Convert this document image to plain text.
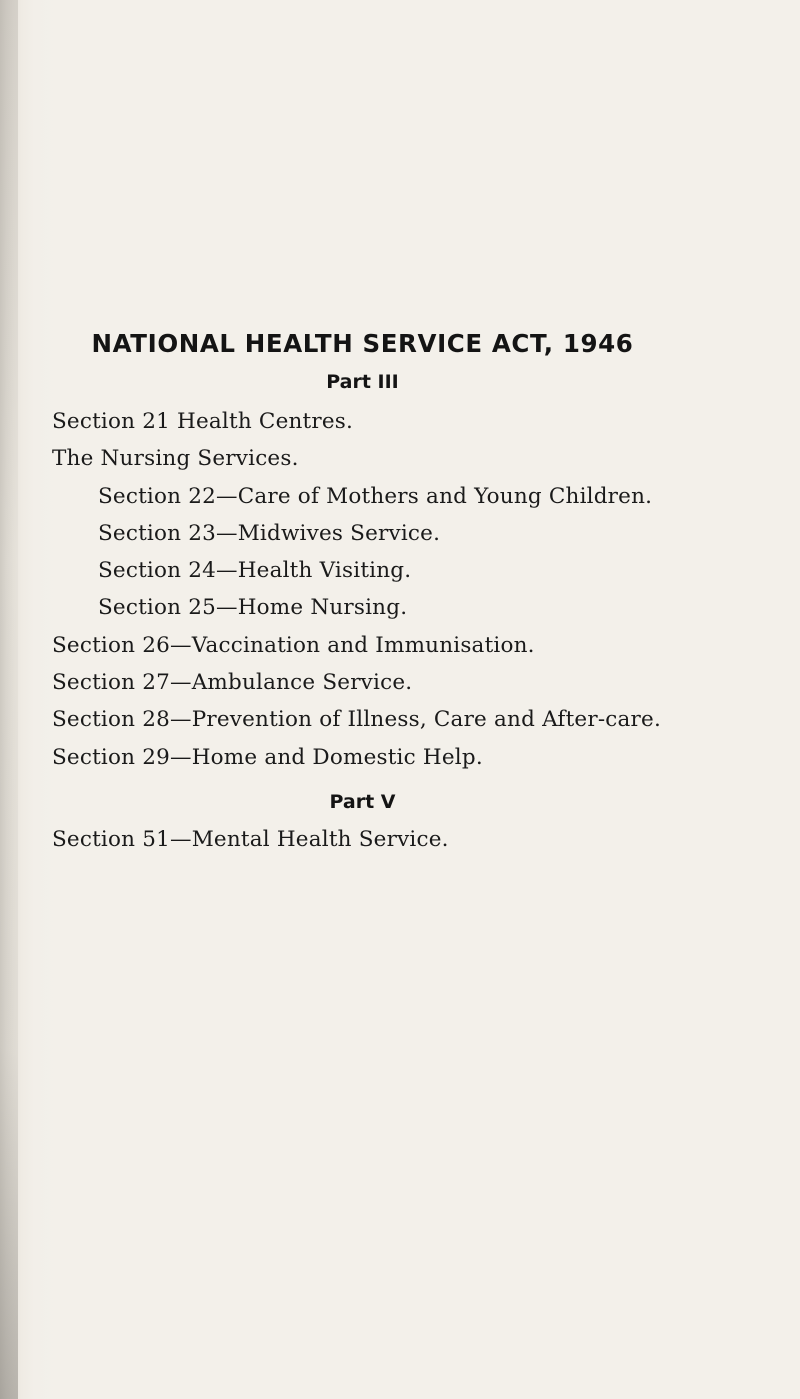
NATIONAL HEALTH SERVICE ACT, 1946
Part III
Section 21 Health Centres.
The Nursing Services.
Section 22—Care of Mothers and Young Children.
Section 23—Midwives Service.
Section 24—Health Visiting.
Section 25—Home Nursing.
Section 26—Vaccination and Immunisation.
Section 27—Ambulance Service.
Section 28—Prevention of Illness, Care and After-care.
Section 29—Home and Domestic Help.
Part V
Section 51—Mental Health Service.
